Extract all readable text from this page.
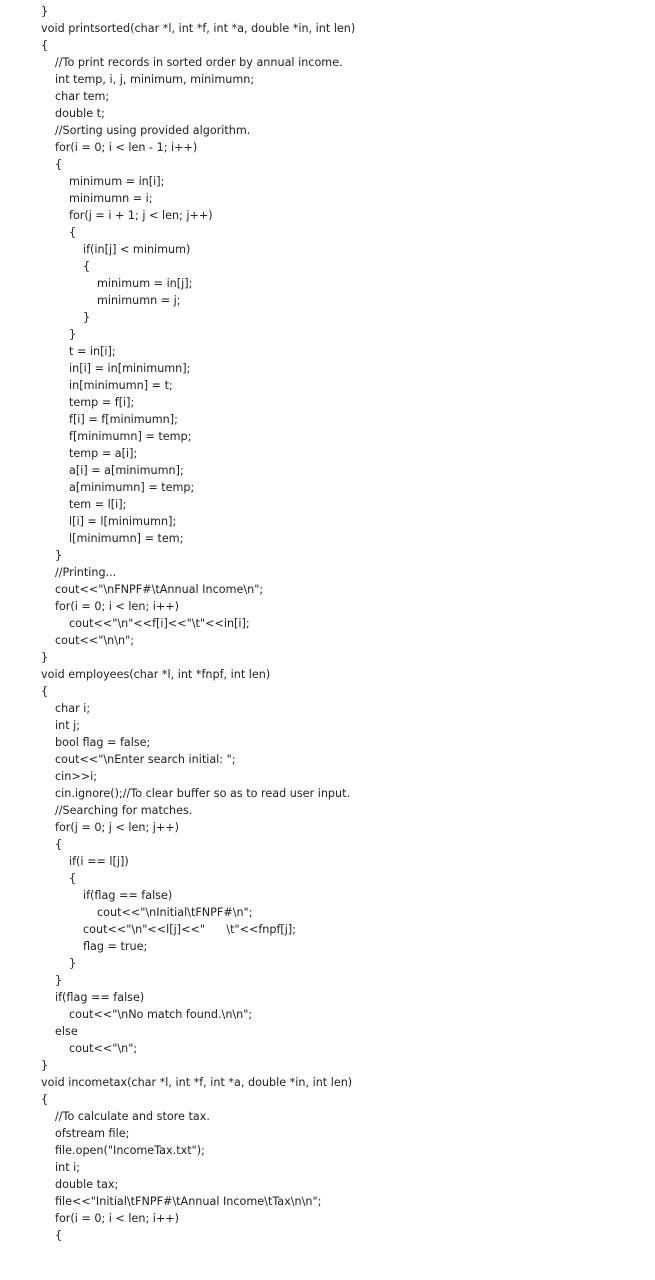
}
void printsorted(char *l, int *f, int *a, double *in, int len)
{
//To print records in sorted order by annual income.
int temp, i, j, minimum, minimumn;
char tem;
double t;
//Sorting using provided algorithm.
for(i = 0; i < len - 1; i++)
{
minimum = in[i];
minimumn = i;
for(j = i + 1; j < len; j++)
{
if(in[j] < minimum)
{
minimum = in[j];
minimumn = j;
}
}
t = in[i];
in[i] = in[minimumn];
in[minimumn] = t;
temp = f[i];
f[i] = f[minimumn];
f[minimumn] = temp;
temp = a[i];
a[i] = a[minimumn];
a[minimumn] = temp;
tem = l[i];
l[i] = l[minimumn];
l[minimumn] = tem;
}
//Printing...
cout<<"\nFNPF#\tAnnual Income\n";
for(i = 0; i < len; i++)
cout<<"\n"<<f[i]<<"\t"<<in[i];
cout<<"\n\n";
}
void employees(char *l, int *fnpf, int len)
{
char i;
int j;
bool flag = false;
cout<<"\nEnter search initial: ";
cin>>i;
cin.ignore();//To clear buffer so as to read user input.
//Searching for matches.
for(j = 0; j < len; j++)
{
if(i == l[j])
{
if(flag == false)
cout<<"\nInitial\tFNPF#\n";
cout<<"\n"<<l[j]<<"      \t"<<fnpf[j];
flag = true;
}
}
if(flag == false)
cout<<"\nNo match found.\n\n";
else
cout<<"\n";
}
void incometax(char *l, int *f, int *a, double *in, int len)
{
//To calculate and store tax.
ofstream file;
file.open("IncomeTax.txt");
int i;
double tax;
file<<"Initial\tFNPF#\tAnnual Income\tTax\n\n";
for(i = 0; i < len; i++)
{
